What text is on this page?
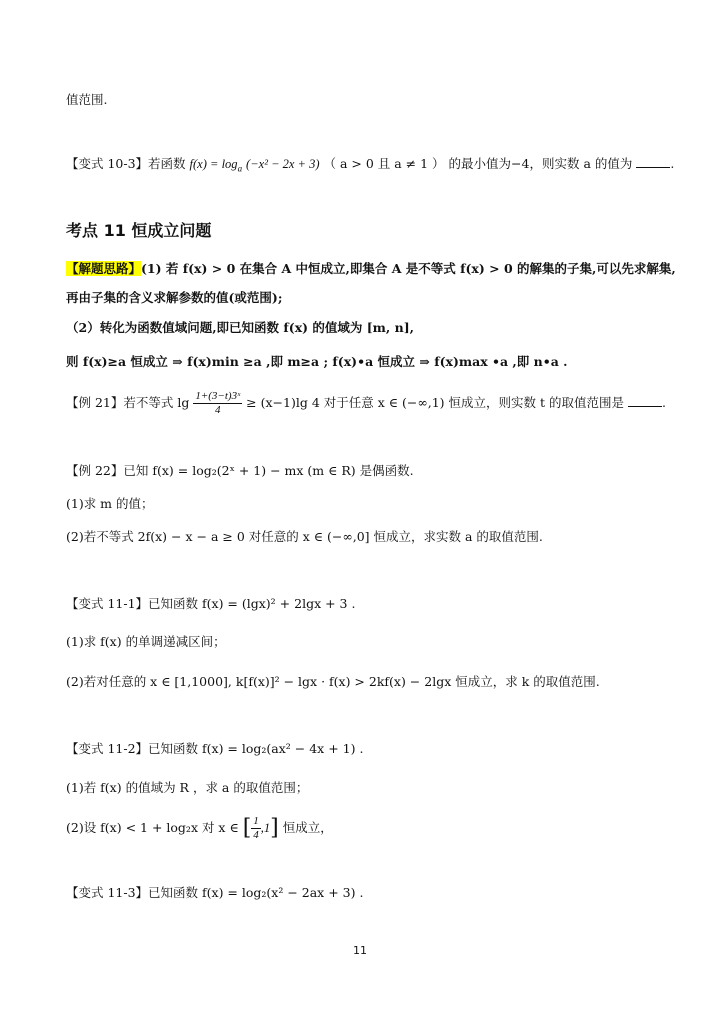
值范围.
【变式 10-3】若函数 $f(x) = \log_a (-x^2 - 2x + 3)$ （ a > 0 且 a ≠ 1 ） 的最小值为−4，则实数 a 的值为	.
考点 11 恒成立问题
【解题思路】(1) 若 f(x) > 0 在集合 A 中恒成立,即集合 A 是不等式 f(x) > 0 的解集的子集,可以先求解集,
再由子集的含义求解参数的值(或范围);
（2）转化为函数值域问题,即已知函数 f(x) 的值域为 [m, n],
则 f(x)≥a 恒成立 ⇒ f(x)min ≥a ,即 m≥a ; f(x)•a 恒成立 ⇒ f(x)max •a ,即 n•a .
【例 21】若不等式 $\lg \frac{\text{1+(3−t)3ˣ}}{4} \ge (x-1)\lg$ 4 对于任意 x ∈ (−∞,1) 恒成立，则实数 t 的取值范围是	.
【例 22】已知 f(x) = log₂(2ˣ + 1) − mx (m ∈ R) 是偶函数.
(1)求 m 的值；
(2)若不等式 2f(x) − x − a ≥ 0 对任意的 x ∈ (−∞,0] 恒成立，求实数 a 的取值范围.
【变式 11-1】已知函数 f(x) = (lgx)² + 2lgx + 3 .
(1)求 f(x) 的单调递减区间；
(2)若对任意的 x ∈ [1,1000], k[f(x)]² − lgx · f(x) > 2kf(x) − 2lgx 恒成立，求 k 的取值范围.
【变式 11-2】已知函数 f(x) = log₂(ax² − 4x + 1) .
(1)若 f(x) 的值域为 R ，求 a 的取值范围；
(2)设 f(x) < 1 + log₂x 对 x ∈ [ $\frac{1}{4} ,1$] 恒成立，
【变式 11-3】已知函数 f(x) = log₂(x² − 2ax + 3) .
11
